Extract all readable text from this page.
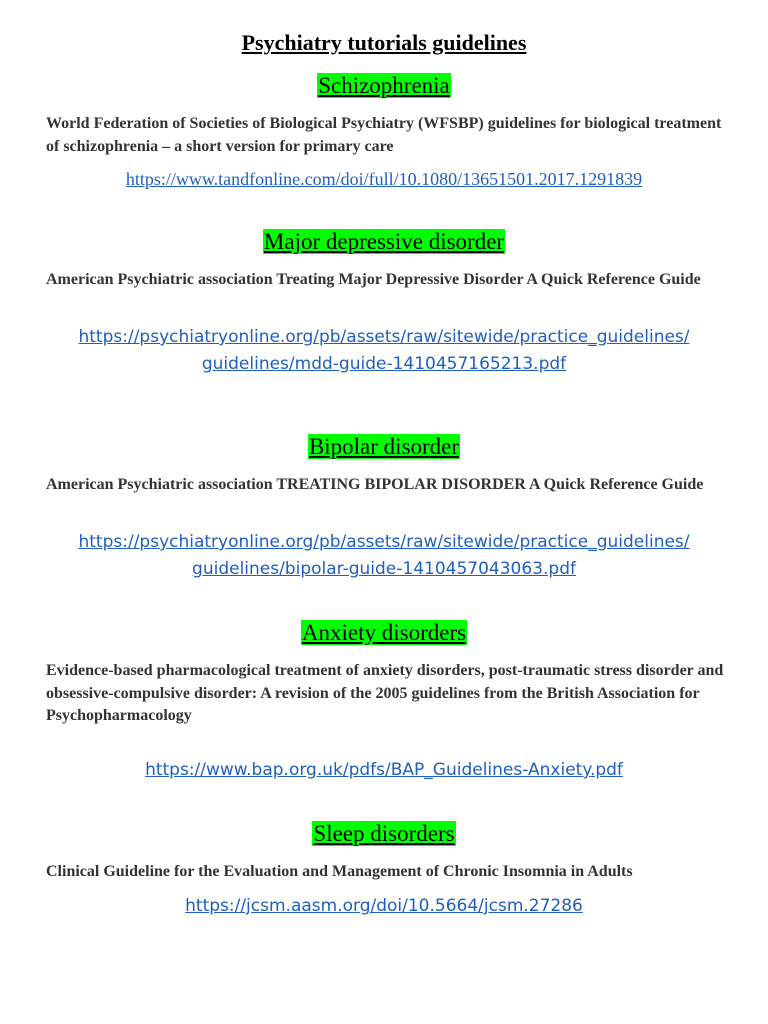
Psychiatry tutorials guidelines
Schizophrenia
World Federation of Societies of Biological Psychiatry (WFSBP) guidelines for biological treatment of schizophrenia – a short version for primary care
https://www.tandfonline.com/doi/full/10.1080/13651501.2017.1291839
Major depressive disorder
American Psychiatric association Treating Major Depressive Disorder A Quick Reference Guide
https://psychiatryonline.org/pb/assets/raw/sitewide/practice_guidelines/
guidelines/mdd-guide-1410457165213.pdf
Bipolar disorder
American Psychiatric association TREATING BIPOLAR DISORDER A Quick Reference Guide
https://psychiatryonline.org/pb/assets/raw/sitewide/practice_guidelines/
guidelines/bipolar-guide-1410457043063.pdf
Anxiety disorders
Evidence-based pharmacological treatment of anxiety disorders, post-traumatic stress disorder and obsessive-compulsive disorder: A revision of the 2005 guidelines from the British Association for Psychopharmacology
https://www.bap.org.uk/pdfs/BAP_Guidelines-Anxiety.pdf
Sleep disorders
Clinical Guideline for the Evaluation and Management of Chronic Insomnia in Adults
https://jcsm.aasm.org/doi/10.5664/jcsm.27286
